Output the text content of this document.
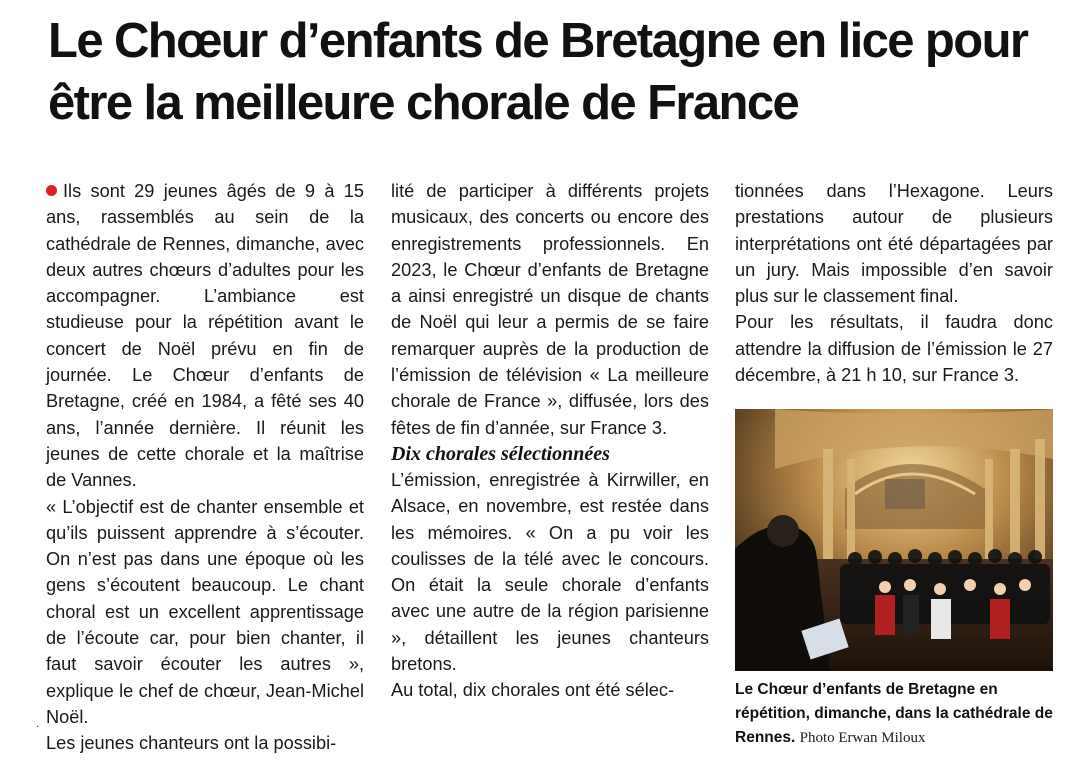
Le Chœur d’enfants de Bretagne en lice pour être la meilleure chorale de France

Ils sont 29 jeunes âgés de 9 à 15 ans, rassemblés au sein de la cathédrale de Rennes, dimanche, avec deux autres chœurs d’adultes pour les accompagner. L’ambiance est studieuse pour la répétition avant le concert de Noël prévu en fin de journée. Le Chœur d’enfants de Bretagne, créé en 1984, a fêté ses 40 ans, l’année dernière. Il réunit les jeunes de cette chorale et la maîtrise de Vannes.

« L’objectif est de chanter ensemble et qu’ils puissent apprendre à s’écouter. On n’est pas dans une époque où les gens s’écoutent beaucoup. Le chant choral est un excellent apprentissage de l’écoute car, pour bien chanter, il faut savoir écouter les autres », explique le chef de chœur, Jean-Michel Noël.

Les jeunes chanteurs ont la possibi-

lité de participer à différents projets musicaux, des concerts ou encore des enregistrements professionnels. En 2023, le Chœur d’enfants de Bretagne a ainsi enregistré un disque de chants de Noël qui leur a permis de se faire remarquer auprès de la production de l’émission de télévision « La meilleure chorale de France », diffusée, lors des fêtes de fin d’année, sur France 3.

Dix chorales sélectionnées

L’émission, enregistrée à Kirrwiller, en Alsace, en novembre, est restée dans les mémoires. « On a pu voir les coulisses de la télé avec le concours. On était la seule chorale d’enfants avec une autre de la région parisienne », détaillent les jeunes chanteurs bretons.

Au total, dix chorales ont été sélec-

tionnées dans l’Hexagone. Leurs prestations autour de plusieurs interprétations ont été départagées par un jury. Mais impossible d’en savoir plus sur le classement final.

Pour les résultats, il faudra donc attendre la diffusion de l’émission le 27 décembre, à 21 h 10, sur France 3.

Le Chœur d’enfants de Bretagne en répétition, dimanche, dans la cathédrale de Rennes. Photo Erwan Miloux
.
